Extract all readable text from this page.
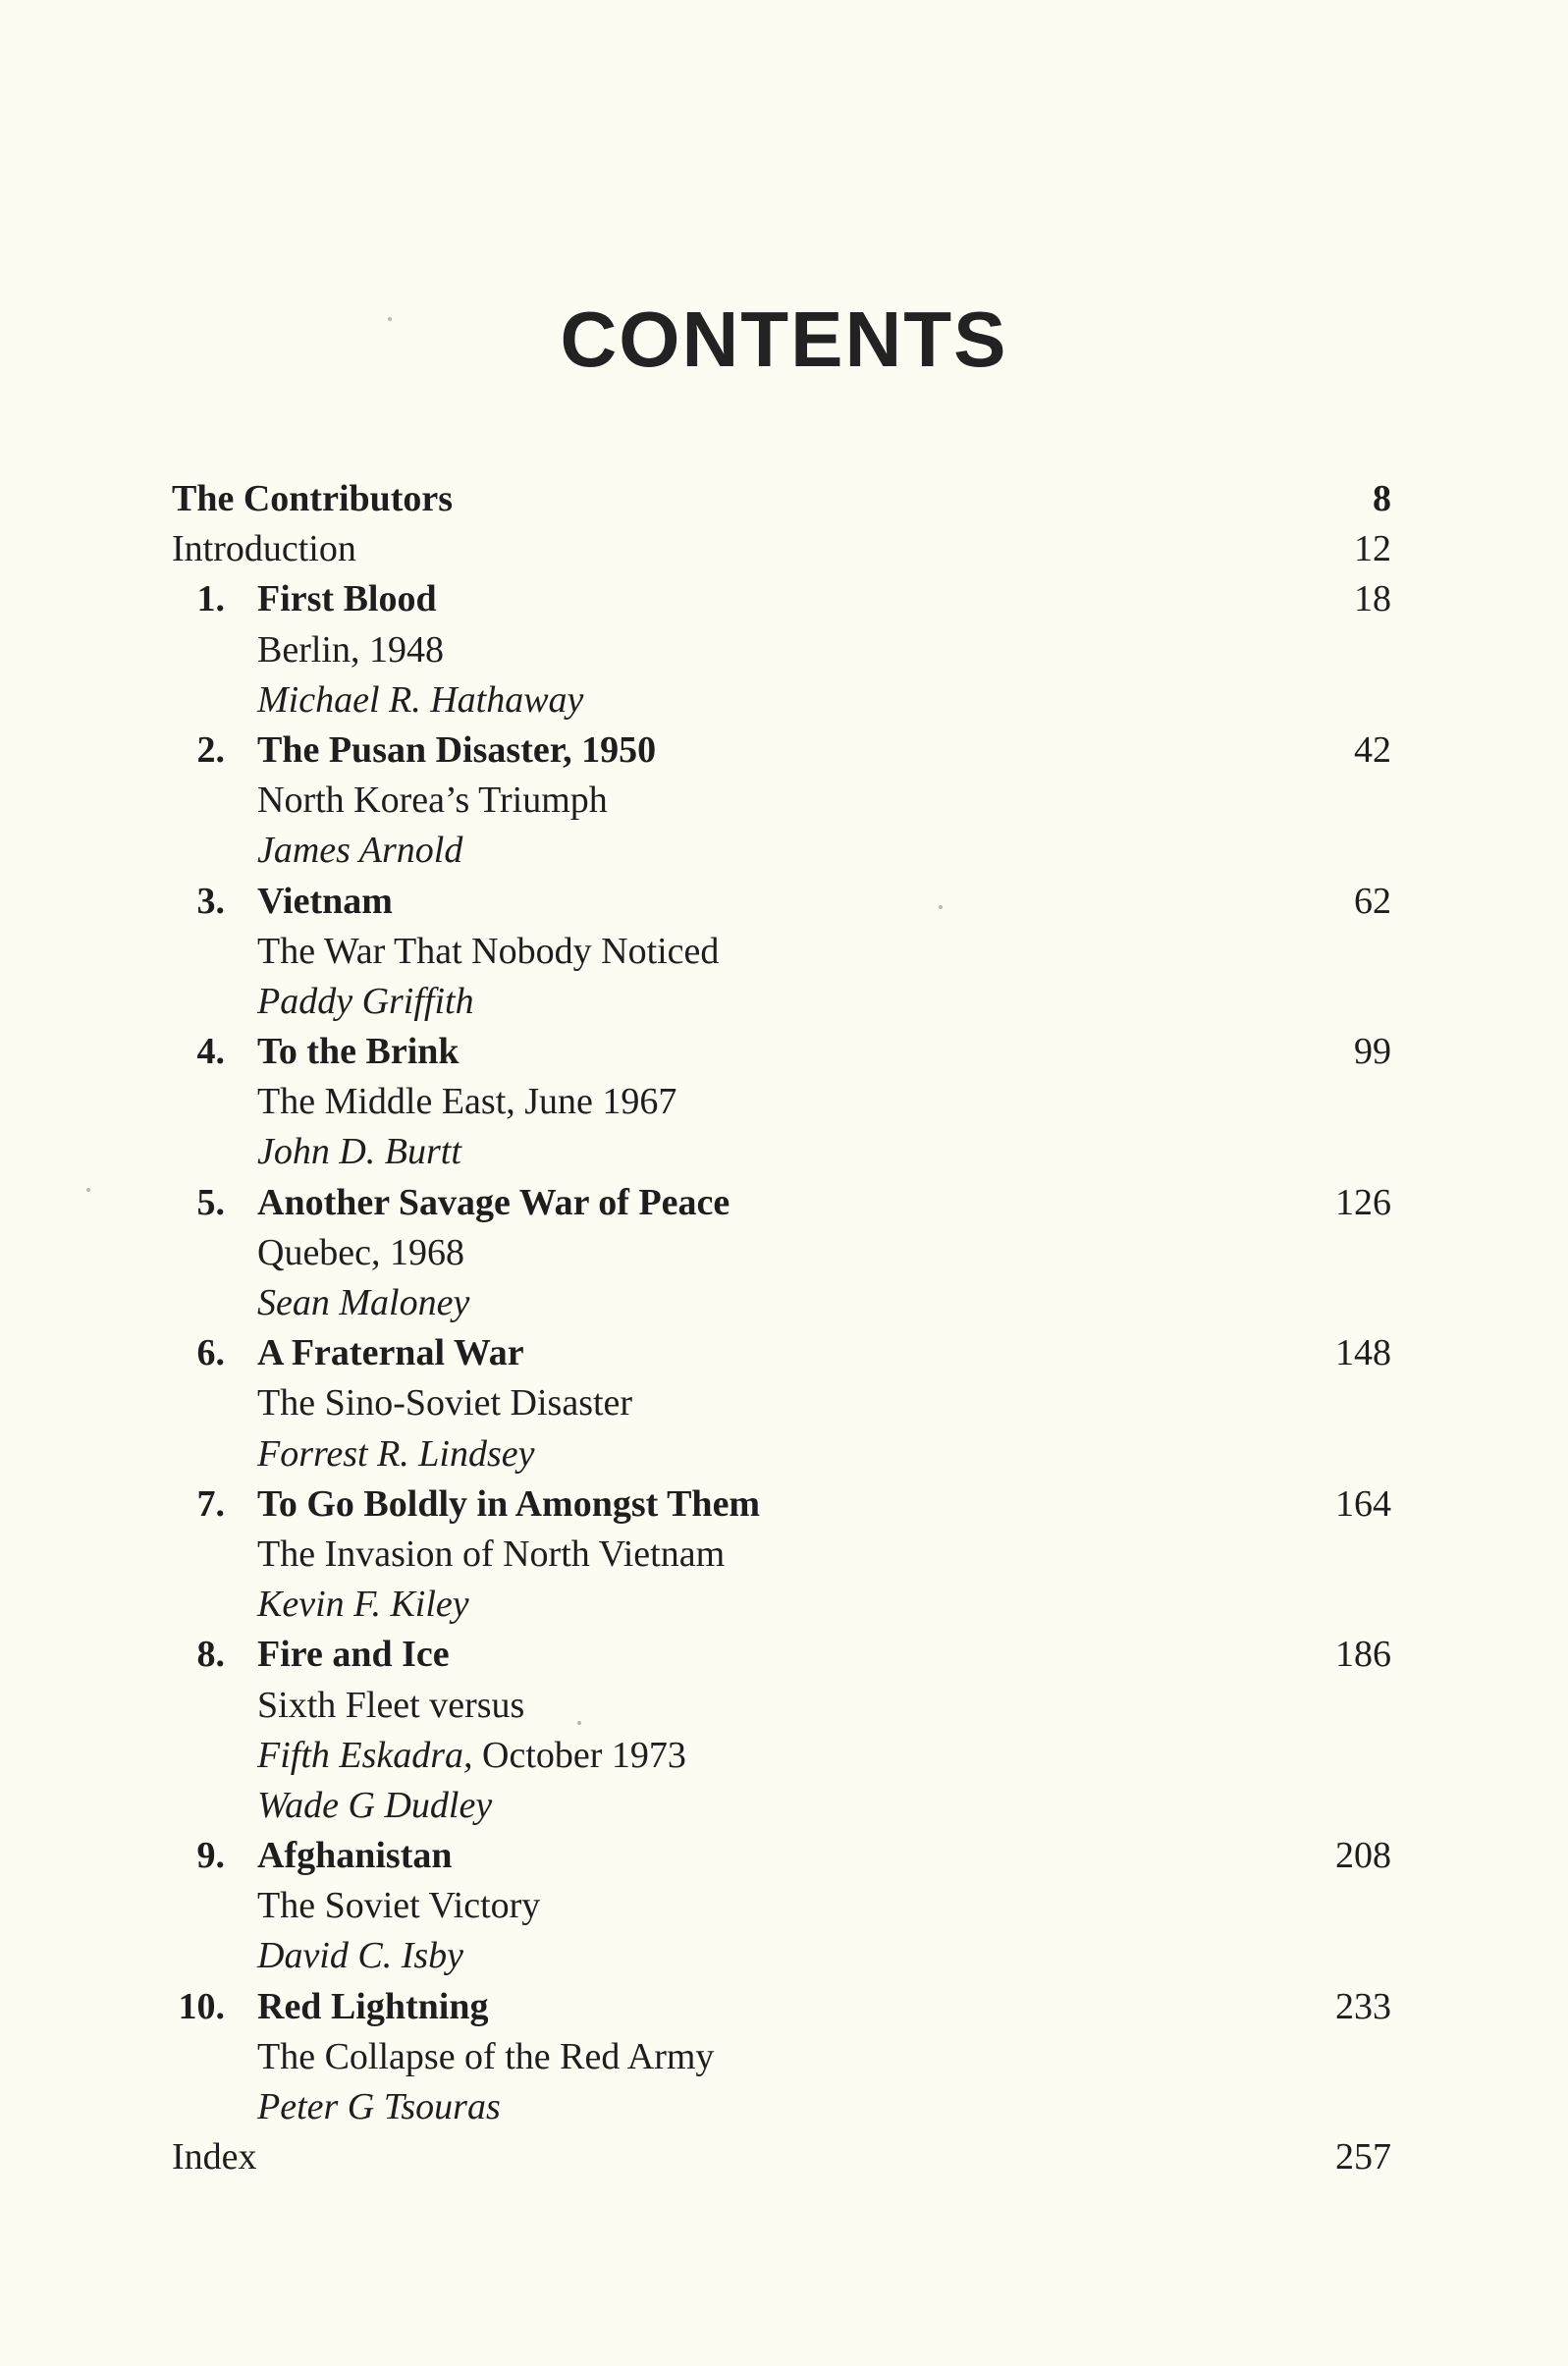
CONTENTS
The Contributors	8
Introduction	12
1. First Blood	18
Berlin, 1948
Michael R. Hathaway
2. The Pusan Disaster, 1950	42
North Korea’s Triumph
James Arnold
3. Vietnam	62
The War That Nobody Noticed
Paddy Griffith
4. To the Brink	99
The Middle East, June 1967
John D. Burtt
5. Another Savage War of Peace	126
Quebec, 1968
Sean Maloney
6. A Fraternal War	148
The Sino-Soviet Disaster
Forrest R. Lindsey
7. To Go Boldly in Amongst Them	164
The Invasion of North Vietnam
Kevin F. Kiley
8. Fire and Ice	186
Sixth Fleet versus
Fifth Eskadra, October 1973
Wade G Dudley
9. Afghanistan	208
The Soviet Victory
David C. Isby
10. Red Lightning	233
The Collapse of the Red Army
Peter G Tsouras
Index	257
